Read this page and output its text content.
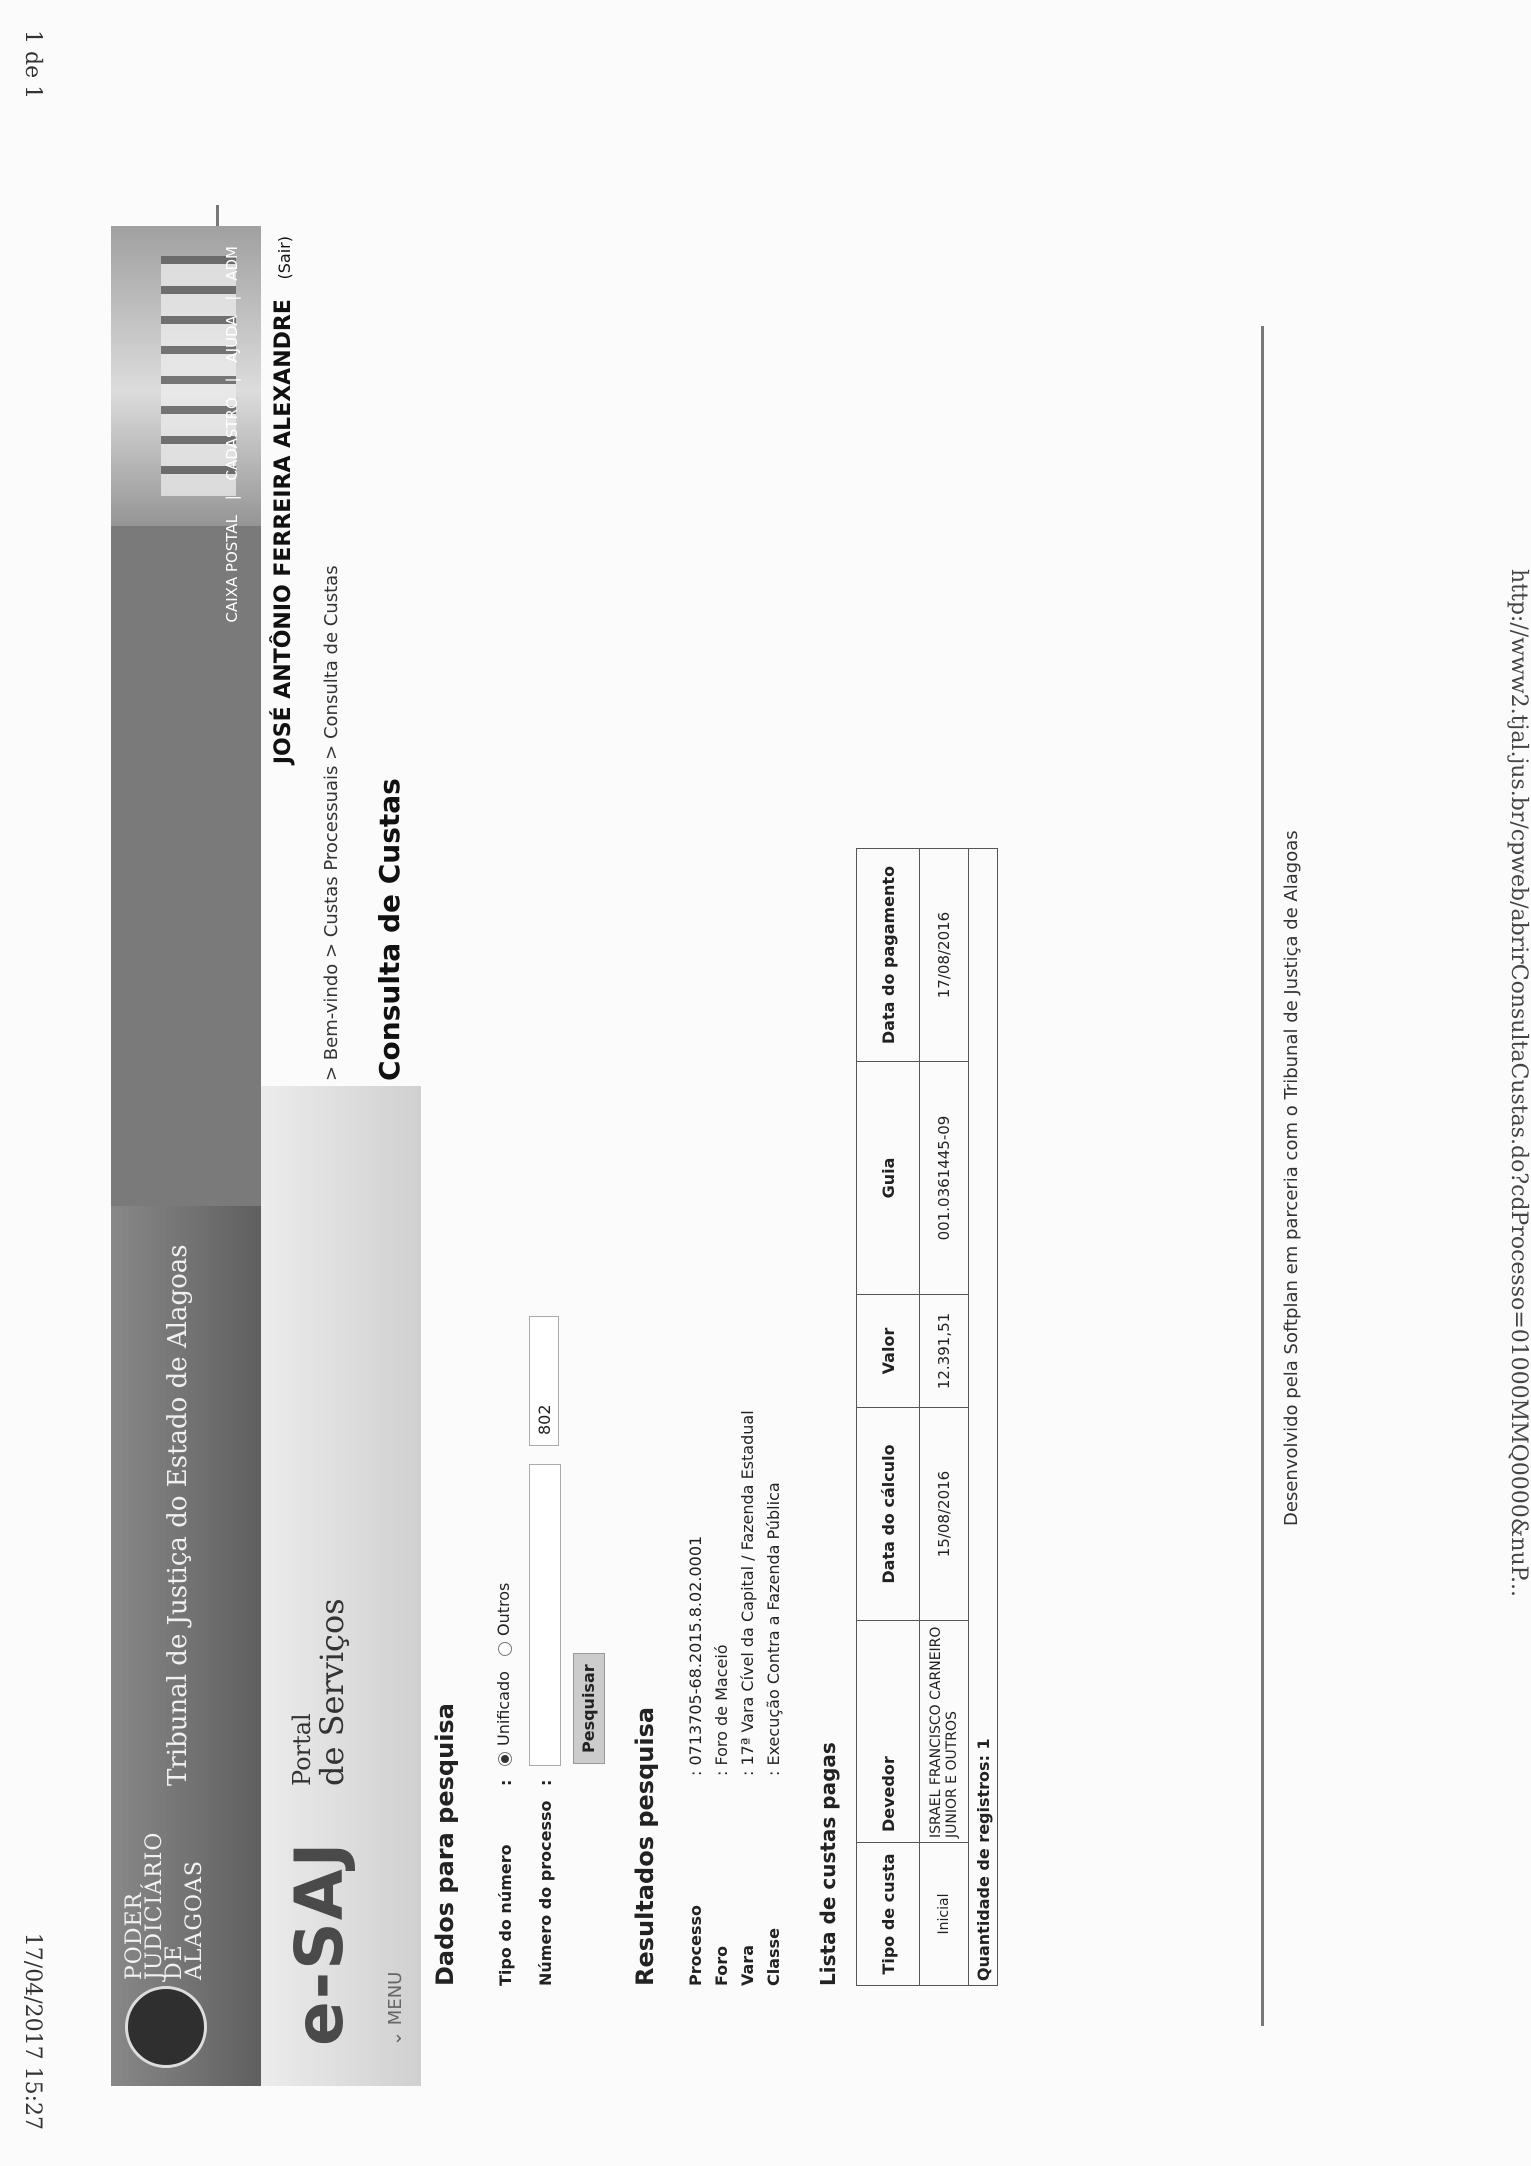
http://www2.tjal.jus.br/cpweb/abrirConsultaCustas.do?cdProcesso=01000MMQ0000&nuP...
1 de 1
17/04/2017 15:27	PODER JUDICIÁRIO DE ALAGOAS
Tribunal de Justiça do Estado de Alagoas
CAIXA POSTAL | CADASTRO | AJUDA | ADM
e-SAJ
Portal
de Serviços
⌄ MENU
JOSÉ ANTÔNIO FERREIRA ALEXANDRE (Sair)
> Bem-vindo > Custas Processuais > Consulta de Custas Consulta de Custas
Dados para pesquisa Tipo do número
:
Unificado Outros
Número do processo
:
802
Pesquisar Resultados pesquisa Processo: 0713705-68.2015.8.02.0001
Foro: Foro de Maceió
Vara: 17ª Vara Cível da Capital / Fazenda Estadual
Classe: Execução Contra a Fazenda Pública
Lista de custas pagas Tipo de custa	Devedor	Data do cálculo	Valor	Guia	Data do pagamento
Inicial	ISRAEL FRANCISCO CARNEIRO JUNIOR E OUTROS	15/08/2016	12.391,51	001.0361445-09	17/08/2016
Quantidade de registros: 1					
Desenvolvido pela Softplan em parceria com o Tribunal de Justiça de Alagoas
